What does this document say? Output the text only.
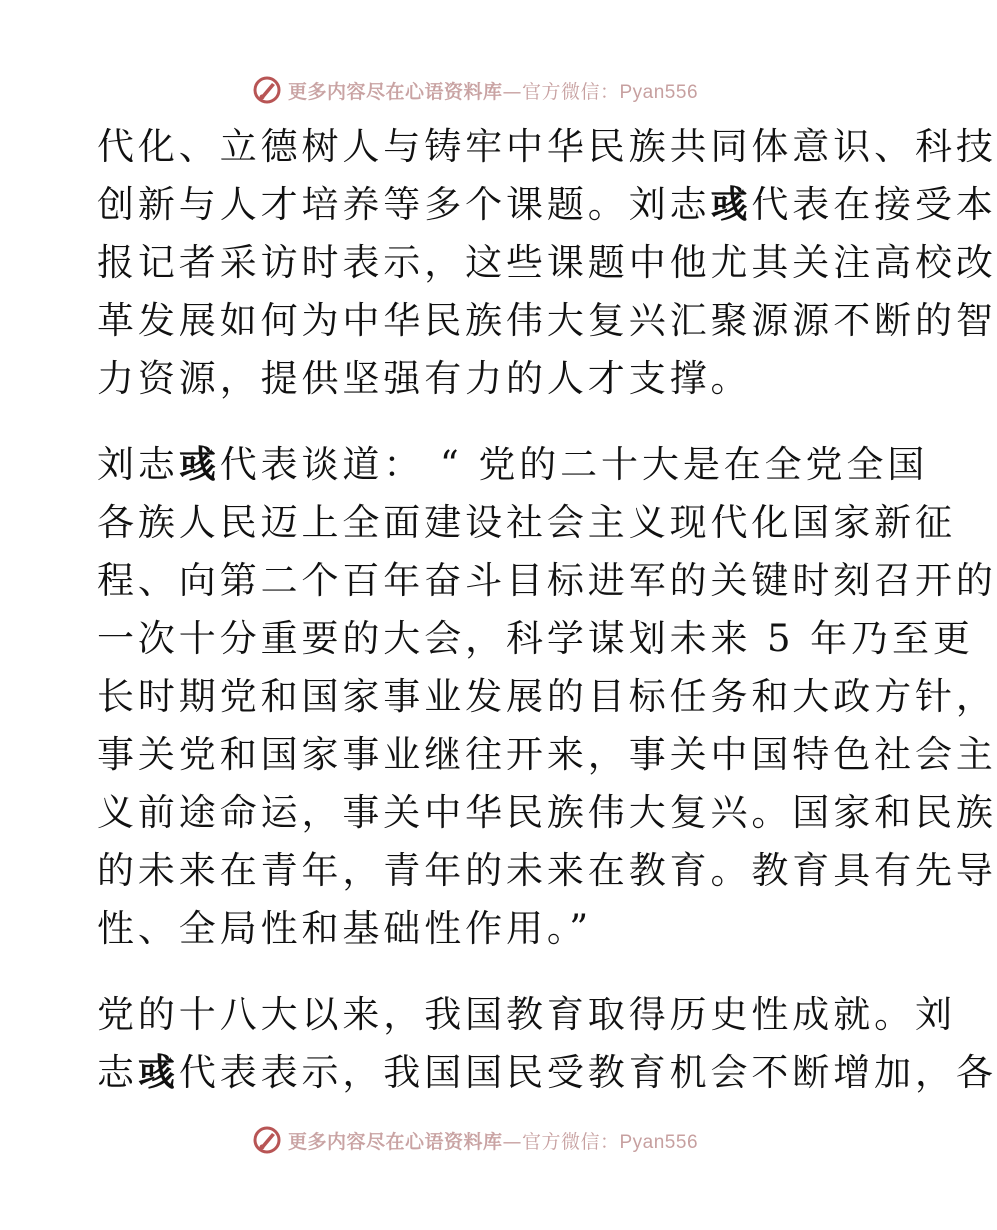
更多内容尽在心语资料库—官方微信：Pyan556
代化、立德树人与铸牢中华民族共同体意识、科技
创新与人才培养等多个课题。刘志彧代表在接受本
报记者采访时表示，这些课题中他尤其关注高校改
革发展如何为中华民族伟大复兴汇聚源源不断的智
力资源，提供坚强有力的人才支撑。
刘志彧代表谈道： “ 党的二十大是在全党全国
各族人民迈上全面建设社会主义现代化国家新征
程、向第二个百年奋斗目标进军的关键时刻召开的
一次十分重要的大会，科学谋划未来 5 年乃至更
长时期党和国家事业发展的目标任务和大政方针，
事关党和国家事业继往开来，事关中国特色社会主
义前途命运，事关中华民族伟大复兴。国家和民族
的未来在青年，青年的未来在教育。教育具有先导
性、全局性和基础性作用。”
党的十八大以来，我国教育取得历史性成就。刘
志彧代表表示，我国国民受教育机会不断增加，各
更多内容尽在心语资料库—官方微信：Pyan556
